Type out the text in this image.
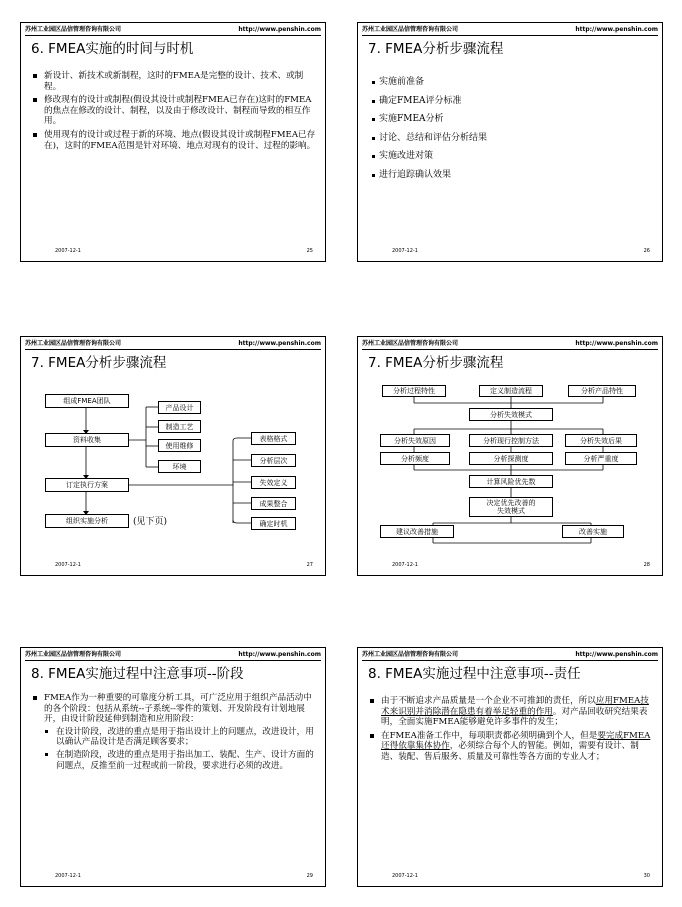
苏州工业园区品信管理咨询有限公司	http://www.penshin.com
6. FMEA实施的时间与时机
新设计、新技术或新制程，这时的FMEA是完整的设计、技术、或制程。
修改现有的设计或制程(假设其设计或制程FMEA已存在)这时的FMEA的焦点在修改的设计、制程，以及由于修改设计、制程而导致的相互作用。
使用现有的设计或过程于新的环境、地点(假设其设计或制程FMEA已存在)，这时的FMEA范围是针对环境、地点对现有的设计、过程的影响。
2007-12-1	25
苏州工业园区品信管理咨询有限公司	http://www.penshin.com
7. FMEA分析步骤流程
实施前准备
确定FMEA评分标准
实施FMEA分析
讨论、总结和评估分析结果
实施改进对策
进行追踪确认效果
2007-12-1	26
苏州工业园区品信管理咨询有限公司	http://www.penshin.com
7. FMEA分析步骤流程
组成FMEA团队
资料收集
订定执行方案
组织实施分析	(见下页)
产品设计
制造工艺
使用维修
环境
表格格式
分析层次
失效定义
成果整合
确定时机
2007-12-1	27
苏州工业园区品信管理咨询有限公司	http://www.penshin.com
7. FMEA分析步骤流程
分析过程特性	定义制造流程	分析产品特性
分析失效模式
分析失效原因	分析现行控制方法	分析失效后果
分析频度	分析探测度	分析严重度
计算风险优先数
决定优先改善的失效模式
建议改善措施	改善实施
2007-12-1	28
苏州工业园区品信管理咨询有限公司	http://www.penshin.com
8. FMEA实施过程中注意事项--阶段
FMEA作为一种重要的可靠度分析工具，可广泛应用于组织产品活动中的各个阶段：包括从系统--子系统--零件的策划、开发阶段有计划地展开，由设计阶段延伸到制造和应用阶段：
在设计阶段，改进的重点是用于指出设计上的问题点，改进设计，用以确认产品设计是否满足顾客要求；
在制造阶段，改进的重点是用于指出加工、装配、生产、设计方面的问题点，反推至前一过程或前一阶段，要求进行必须的改进。
2007-12-1	29
苏州工业园区品信管理咨询有限公司	http://www.penshin.com
8. FMEA实施过程中注意事项--责任
由于不断追求产品质量是一个企业不可推卸的责任，所以应用FMEA技术来识别并消除潜在隐患有着举足轻重的作用。对产品回收研究结果表明，全面实施FMEA能够避免许多事件的发生；
在FMEA准备工作中，每项职责都必须明确到个人，但是要完成FMEA还得依靠集体协作，必须综合每个人的智能。例如，需要有设计、制造、装配、售后服务、质量及可靠性等各方面的专业人才；
2007-12-1	30
